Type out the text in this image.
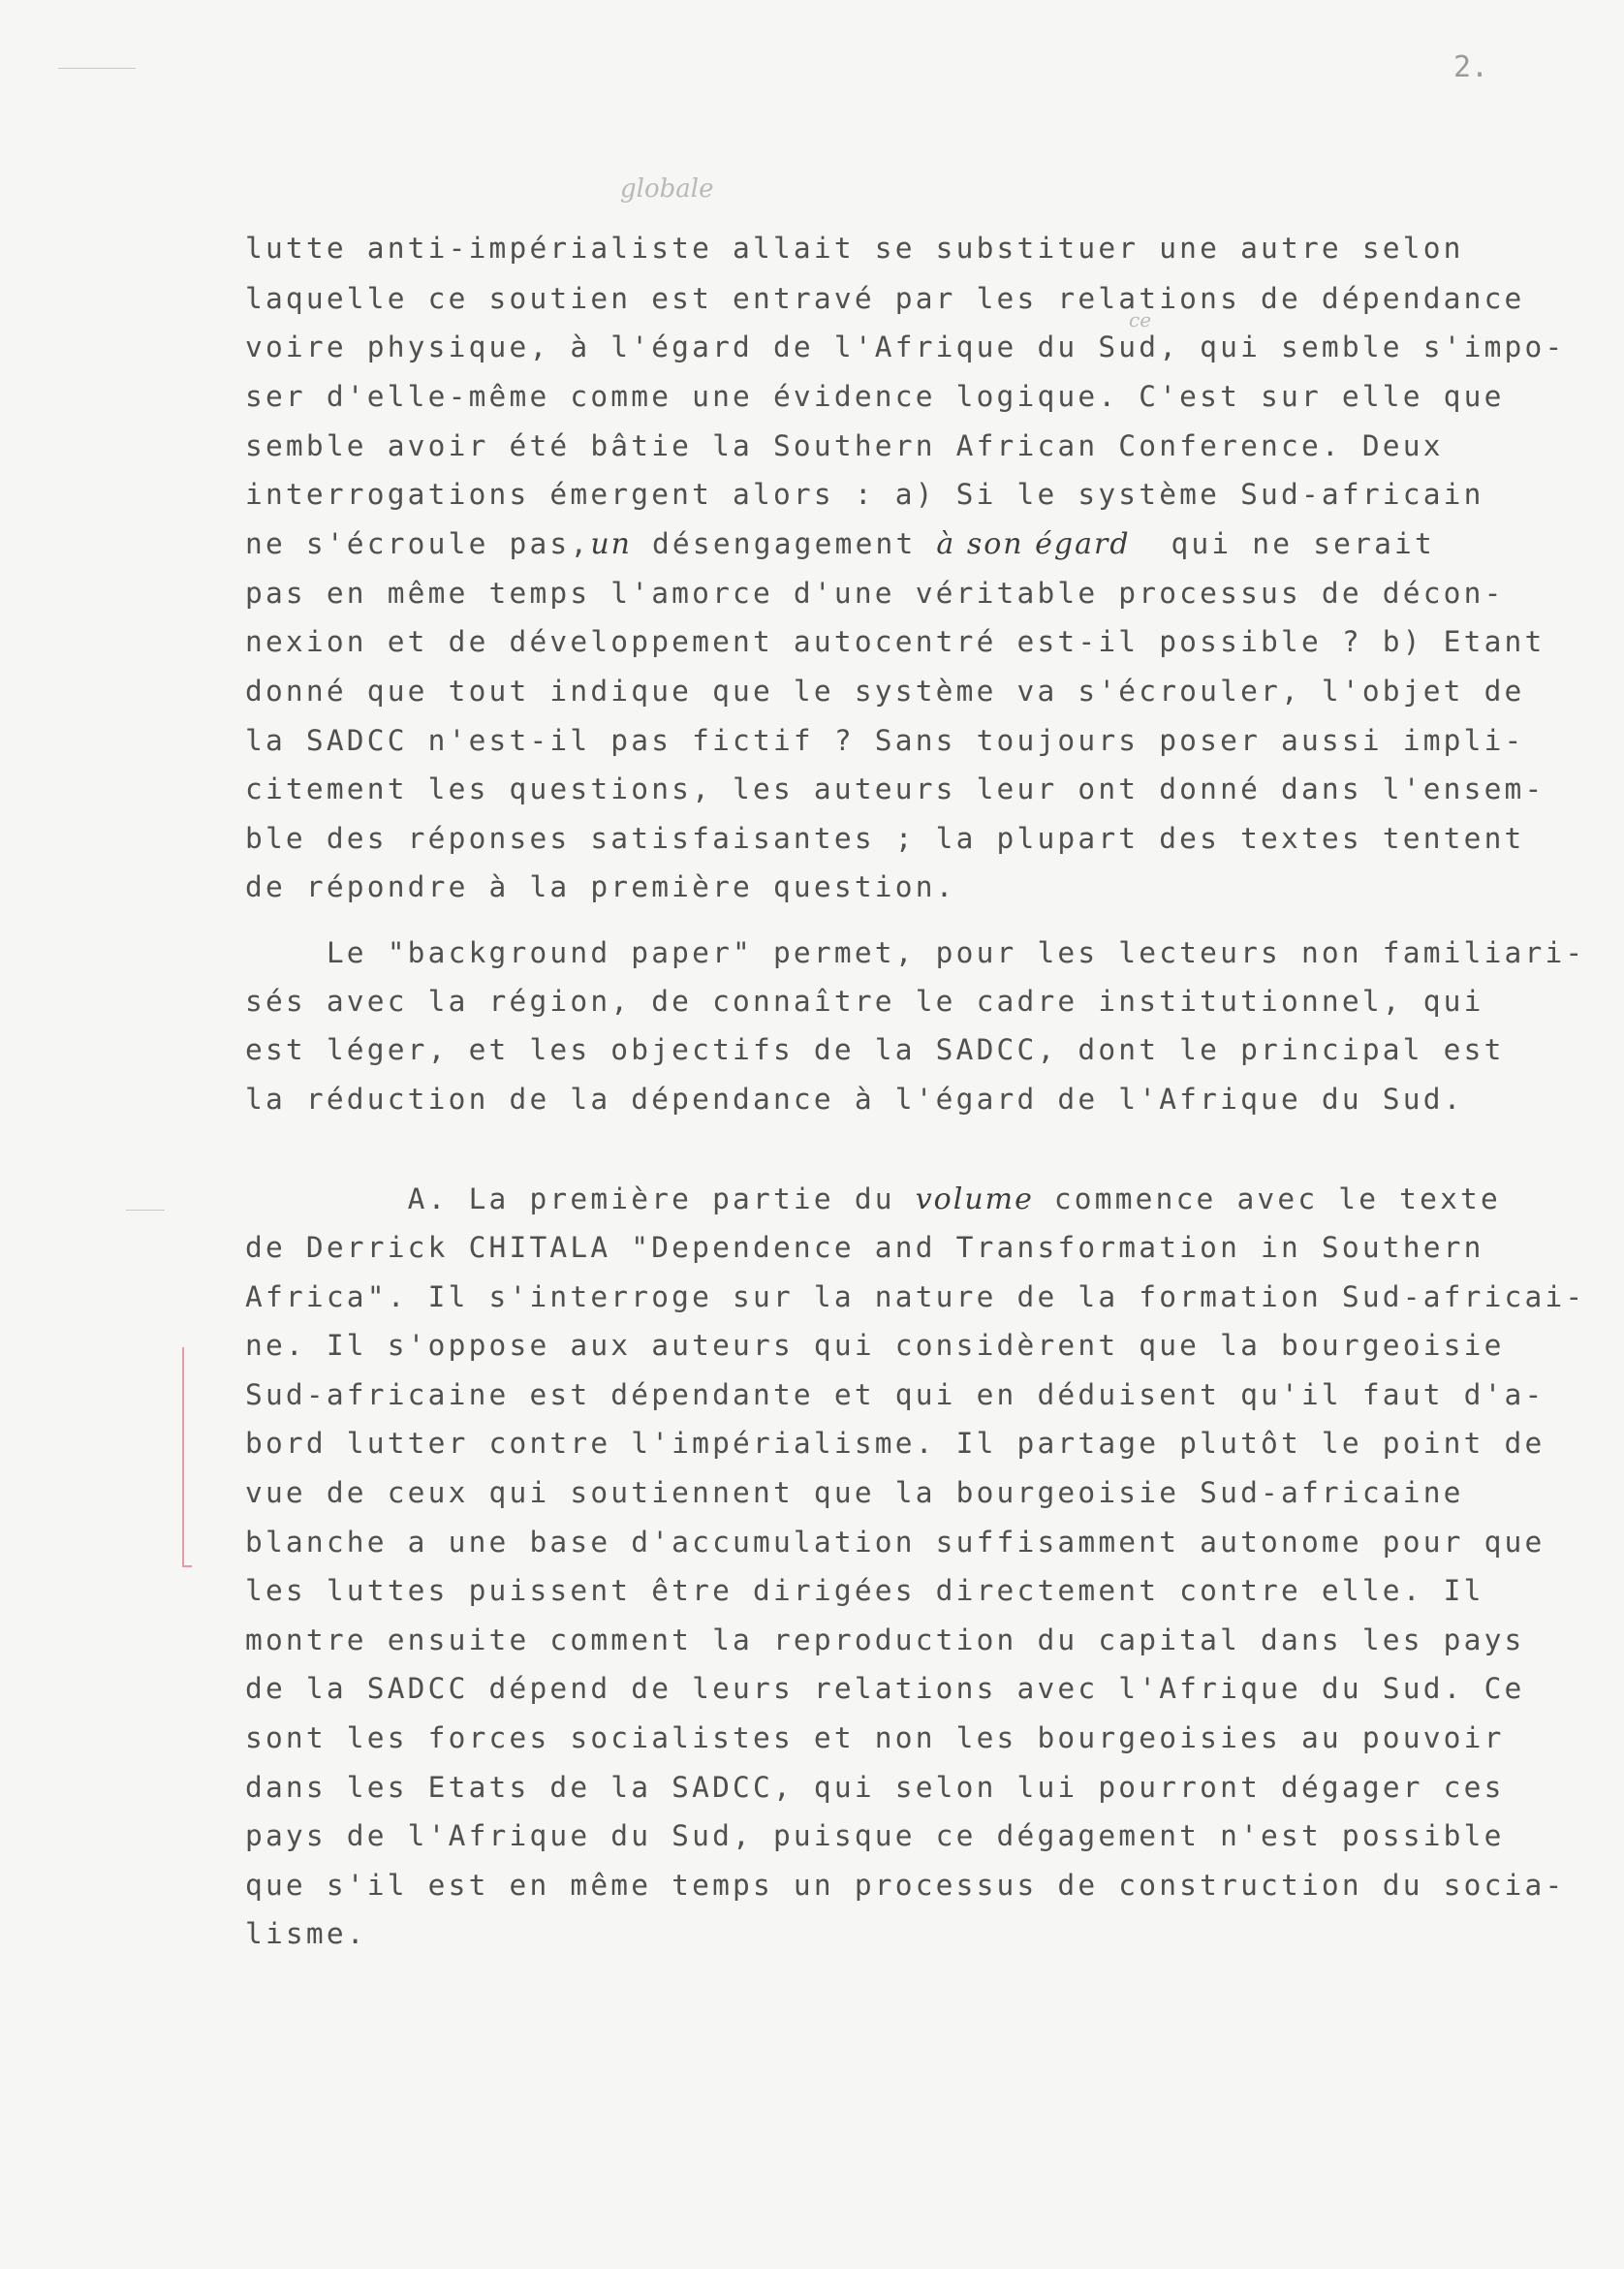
2.
globale
ce
lutte anti-impérialiste allait se substituer une autre selon
laquelle ce soutien est entravé par les relations de dépendance
voire physique, à l'égard de l'Afrique du Sud, qui semble s'impo-
ser d'elle-même comme une évidence logique. C'est sur elle que
semble avoir été bâtie la Southern African Conference. Deux
interrogations émergent alors : a) Si le système Sud-africain
ne s'écroule pas,un désengagement à son égard  qui ne serait
pas en même temps l'amorce d'une véritable processus de décon-
nexion et de développement autocentré est-il possible ? b) Etant
donné que tout indique que le système va s'écrouler, l'objet de
la SADCC n'est-il pas fictif ? Sans toujours poser aussi impli-
citement les questions, les auteurs leur ont donné dans l'ensem-
ble des réponses satisfaisantes ; la plupart des textes tentent
de répondre à la première question.
Le "background paper" permet, pour les lecteurs non familiari-
sés avec la région, de connaître le cadre institutionnel, qui
est léger, et les objectifs de la SADCC, dont le principal est
la réduction de la dépendance à l'égard de l'Afrique du Sud.
A. La première partie du volume commence avec le texte
de Derrick CHITALA "Dependence and Transformation in Southern
Africa". Il s'interroge sur la nature de la formation Sud-africai-
ne. Il s'oppose aux auteurs qui considèrent que la bourgeoisie
Sud-africaine est dépendante et qui en déduisent qu'il faut d'a-
bord lutter contre l'impérialisme. Il partage plutôt le point de
vue de ceux qui soutiennent que la bourgeoisie Sud-africaine
blanche a une base d'accumulation suffisamment autonome pour que
les luttes puissent être dirigées directement contre elle. Il
montre ensuite comment la reproduction du capital dans les pays
de la SADCC dépend de leurs relations avec l'Afrique du Sud. Ce
sont les forces socialistes et non les bourgeoisies au pouvoir
dans les Etats de la SADCC, qui selon lui pourront dégager ces
pays de l'Afrique du Sud, puisque ce dégagement n'est possible
que s'il est en même temps un processus de construction du socia-
lisme.
